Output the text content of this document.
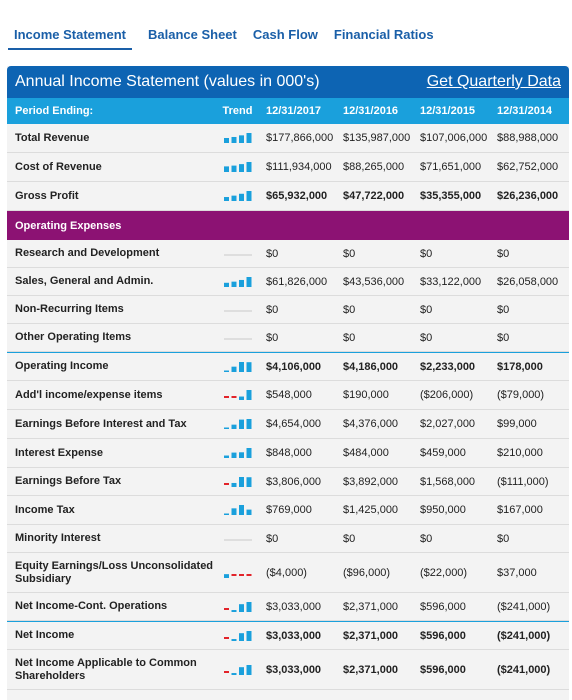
Income Statement	Balance Sheet Cash Flow Financial Ratios
Annual Income Statement (values in 000's)	Get Quarterly Data
Period Ending:	Trend	12/31/2017	12/31/2016	12/31/2015	12/31/2014
Total Revenue	$177,866,000 $135,987,000 $107,006,000 $88,988,000
Cost of Revenue	$111,934,000	$88,265,000	$71,651,000	$62,752,000
Gross Profit	$65,932,000	$47,722,000	$35,355,000	$26,236,000
Operating Expenses
Research and Development	$0	$0	$0	$0
Sales, General and Admin.	$61,826,000	$43,536,000	$33,122,000	$26,058,000
Non-Recurring Items	$0	$0	$0	$0
Other Operating Items	$0	$0	$0	$0
Operating Income	$4,106,000	$4,186,000	$2,233,000	$178,000
Add'l income/expense items	$548,000	$190,000	($206,000)	($79,000)
Earnings Before Interest and Tax	$4,654,000	$4,376,000	$2,027,000	$99,000
Interest Expense	$848,000	$484,000	$459,000	$210,000
Earnings Before Tax	$3,806,000	$3,892,000	$1,568,000	($111,000)
Income Tax	$769,000	$1,425,000	$950,000	$167,000
Minority Interest	$0	$0	$0	$0
Equity Earnings/Loss Unconsolidated Subsidiary	($4,000)	($96,000)	($22,000)	$37,000
Net Income-Cont. Operations	$3,033,000	$2,371,000	$596,000	($241,000)
Net Income	$3,033,000	$2,371,000	$596,000	($241,000)
Net Income Applicable to Common Shareholders	$3,033,000	$2,371,000	$596,000	($241,000)
